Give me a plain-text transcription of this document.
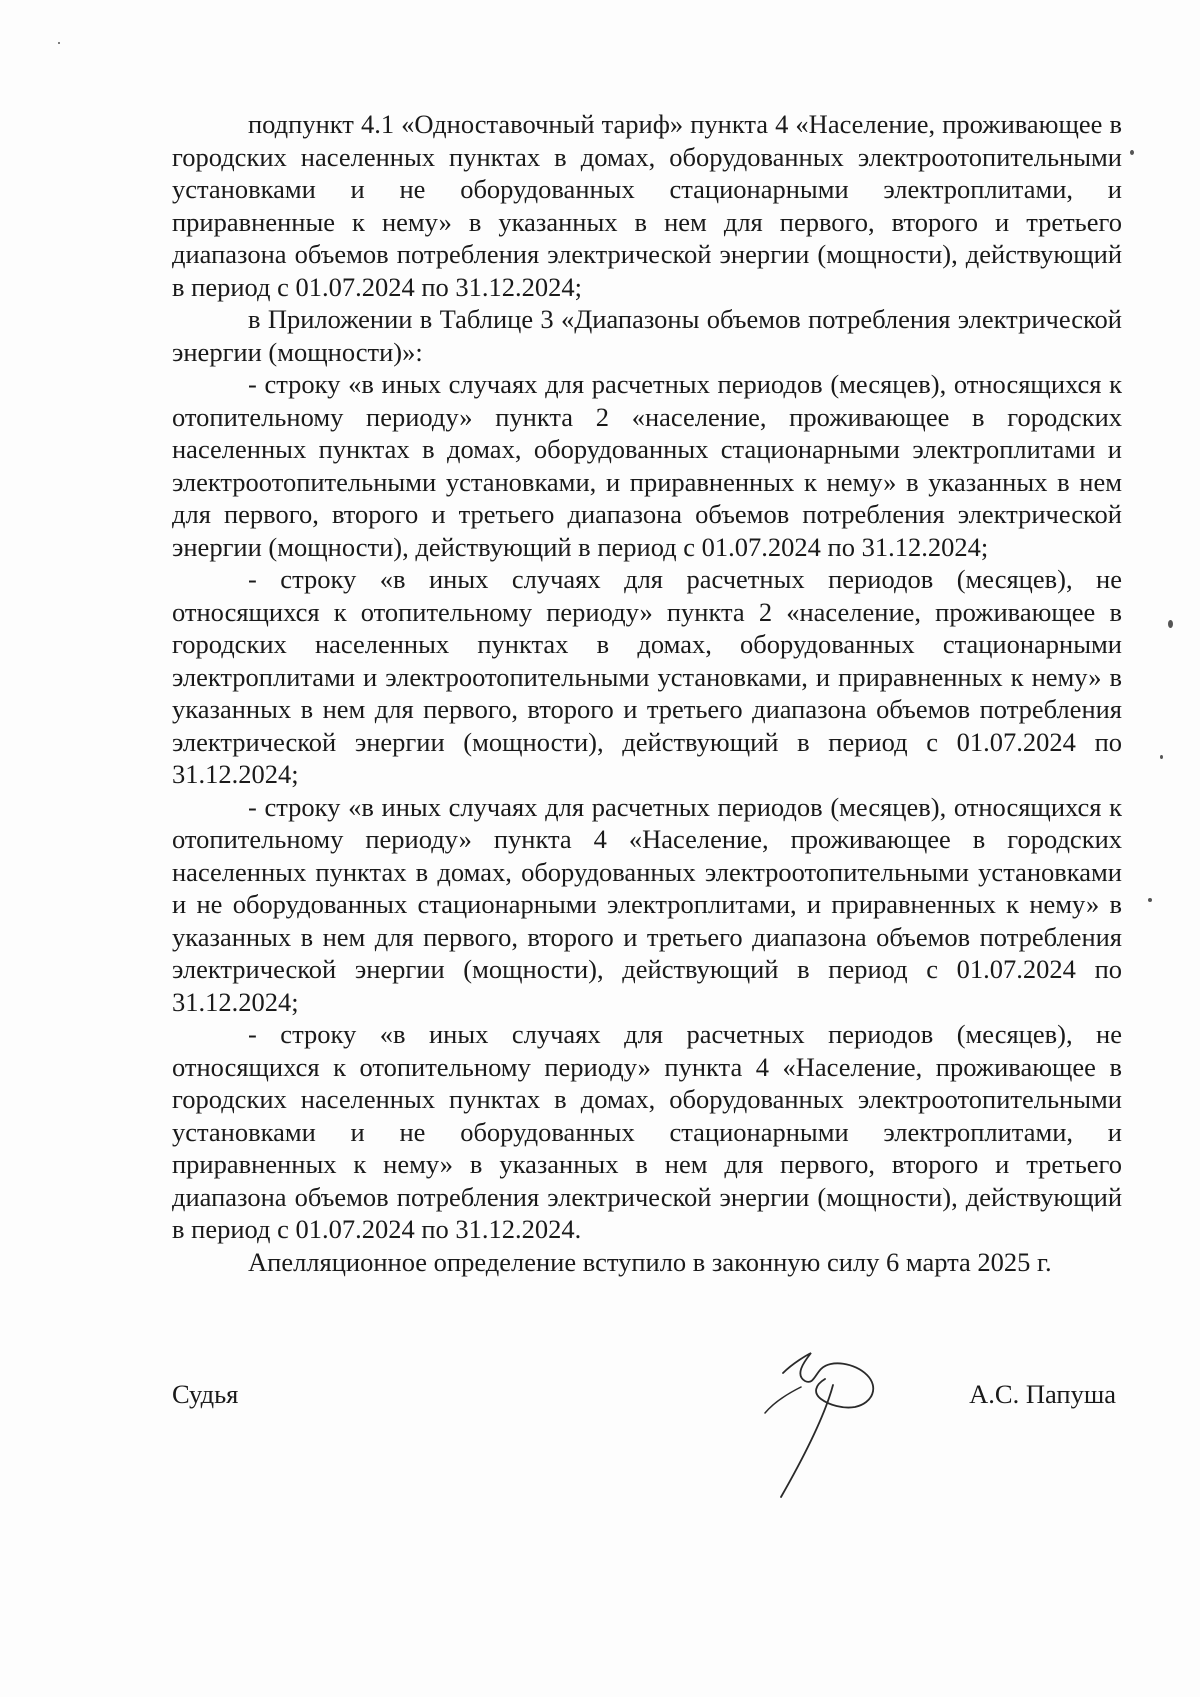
подпункт 4.1 «Одноставочный тариф» пункта 4 «Население, проживающее в городских населенных пунктах в домах, оборудованных электроотопительными установками и не оборудованных стационарными электроплитами, и приравненные к нему» в указанных в нем для первого, второго и третьего диапазона объемов потребления электрической энергии (мощности), действующий в период с 01.07.2024 по 31.12.2024;

в Приложении в Таблице 3 «Диапазоны объемов потребления электрической энергии (мощности)»:

- строку «в иных случаях для расчетных периодов (месяцев), относящихся к отопительному периоду» пункта 2 «население, проживающее в городских населенных пунктах в домах, оборудованных стационарными электроплитами и электроотопительными установками, и приравненных к нему» в указанных в нем для первого, второго и третьего диапазона объемов потребления электрической энергии (мощности), действующий в период с 01.07.2024 по 31.12.2024;

- строку «в иных случаях для расчетных периодов (месяцев), не относящихся к отопительному периоду» пункта 2 «население, проживающее в городских населенных пунктах в домах, оборудованных стационарными электроплитами и электроотопительными установками, и приравненных к нему» в указанных в нем для первого, второго и третьего диапазона объемов потребления электрической энергии (мощности), действующий в период с 01.07.2024 по 31.12.2024;

- строку «в иных случаях для расчетных периодов (месяцев), относящихся к отопительному периоду» пункта 4 «Население, проживающее в городских населенных пунктах в домах, оборудованных электроотопительными установками и не оборудованных стационарными электроплитами, и приравненных к нему» в указанных в нем для первого, второго и третьего диапазона объемов потребления электрической энергии (мощности), действующий в период с 01.07.2024 по 31.12.2024;

- строку «в иных случаях для расчетных периодов (месяцев), не относящихся к отопительному периоду» пункта 4 «Население, проживающее в городских населенных пунктах в домах, оборудованных электроотопительными установками и не оборудованных стационарными электроплитами, и приравненных к нему» в указанных в нем для первого, второго и третьего диапазона объемов потребления электрической энергии (мощности), действующий в период с 01.07.2024 по 31.12.2024.

Апелляционное определение вступило в законную силу 6 марта 2025 г.

Судья	А.С. Папуша
